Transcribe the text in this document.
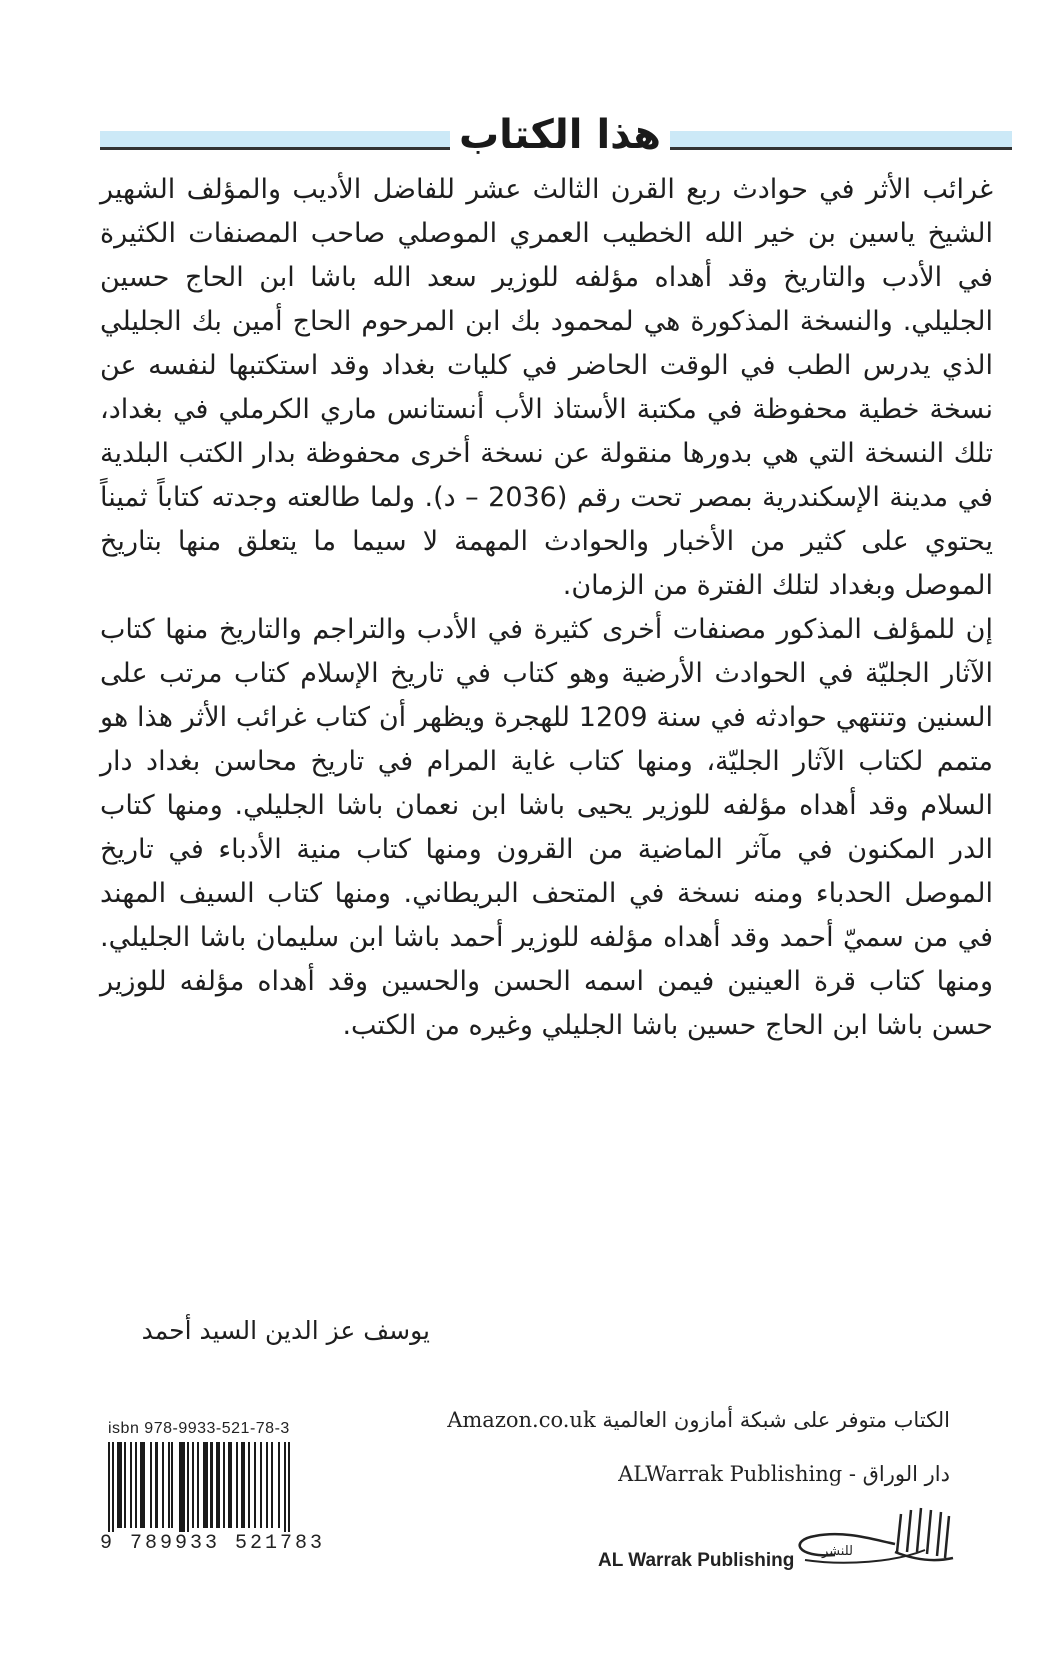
هذا الكتاب

غرائب الأثر في حوادث ربع القرن الثالث عشر للفاضل الأديب والمؤلف الشهير الشيخ ياسين بن خير الله الخطيب العمري الموصلي صاحب المصنفات الكثيرة في الأدب والتاريخ وقد أهداه مؤلفه للوزير سعد الله باشا ابن الحاج حسين الجليلي. والنسخة المذكورة هي لمحمود بك ابن المرحوم الحاج أمين بك الجليلي الذي يدرس الطب في الوقت الحاضر في كليات بغداد وقد استكتبها لنفسه عن نسخة خطية محفوظة في مكتبة الأستاذ الأب أنستانس ماري الكرملي في بغداد، تلك النسخة التي هي بدورها منقولة عن نسخة أخرى محفوظة بدار الكتب البلدية في مدينة الإسكندرية بمصر تحت رقم (2036 – د). ولما طالعته وجدته كتاباً ثميناً يحتوي على كثير من الأخبار والحوادث المهمة لا سيما ما يتعلق منها بتاريخ الموصل وبغداد لتلك الفترة من الزمان.

إن للمؤلف المذكور مصنفات أخرى كثيرة في الأدب والتراجم والتاريخ منها كتاب الآثار الجليّة في الحوادث الأرضية وهو كتاب في تاريخ الإسلام كتاب مرتب على السنين وتنتهي حوادثه في سنة 1209 للهجرة ويظهر أن كتاب غرائب الأثر هذا هو متمم لكتاب الآثار الجليّة، ومنها كتاب غاية المرام في تاريخ محاسن بغداد دار السلام وقد أهداه مؤلفه للوزير يحيى باشا ابن نعمان باشا الجليلي. ومنها كتاب الدر المكنون في مآثر الماضية من القرون ومنها كتاب منية الأدباء في تاريخ الموصل الحدباء ومنه نسخة في المتحف البريطاني. ومنها كتاب السيف المهند في من سميّ أحمد وقد أهداه مؤلفه للوزير أحمد باشا ابن سليمان باشا الجليلي. ومنها كتاب قرة العينين فيمن اسمه الحسن والحسين وقد أهداه مؤلفه للوزير حسن باشا ابن الحاج حسين باشا الجليلي وغيره من الكتب.

يوسف عز الدين السيد أحمد
isbn 978-9933-521-78-3
9 789933 521783
الكتاب متوفر على شبكة أمازون العالمية Amazon.co.uk
دار الوراق - ALWarrak Publishing
AL Warrak Publishing للنشر
